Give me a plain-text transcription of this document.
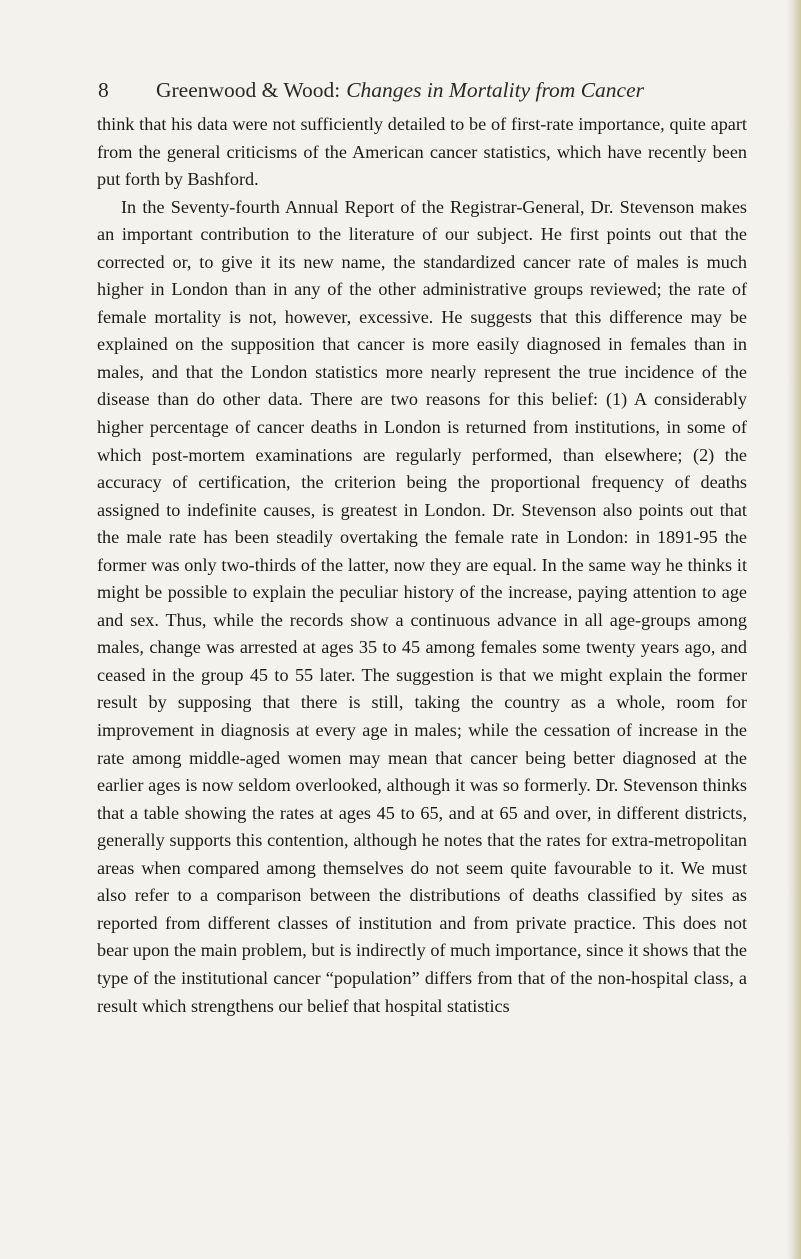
8 Greenwood & Wood: Changes in Mortality from Cancer

think that his data were not sufficiently detailed to be of first-rate importance, quite apart from the general criticisms of the American cancer statistics, which have recently been put forth by Bashford.

In the Seventy-fourth Annual Report of the Registrar-General, Dr. Stevenson makes an important contribution to the literature of our subject. He first points out that the corrected or, to give it its new name, the standardized cancer rate of males is much higher in London than in any of the other administrative groups reviewed; the rate of female mortality is not, however, excessive. He suggests that this difference may be explained on the supposition that cancer is more easily diagnosed in females than in males, and that the London statistics more nearly represent the true incidence of the disease than do other data. There are two reasons for this belief: (1) A considerably higher percentage of cancer deaths in London is returned from institutions, in some of which post-mortem examinations are regularly performed, than elsewhere; (2) the accuracy of certification, the criterion being the proportional frequency of deaths assigned to indefinite causes, is greatest in London. Dr. Stevenson also points out that the male rate has been steadily overtaking the female rate in London: in 1891-95 the former was only two-thirds of the latter, now they are equal. In the same way he thinks it might be possible to explain the peculiar history of the increase, paying attention to age and sex. Thus, while the records show a continuous advance in all age-groups among males, change was arrested at ages 35 to 45 among females some twenty years ago, and ceased in the group 45 to 55 later. The suggestion is that we might explain the former result by supposing that there is still, taking the country as a whole, room for improvement in diagnosis at every age in males; while the cessation of increase in the rate among middle-aged women may mean that cancer being better diagnosed at the earlier ages is now seldom overlooked, although it was so formerly. Dr. Stevenson thinks that a table showing the rates at ages 45 to 65, and at 65 and over, in different districts, generally supports this contention, although he notes that the rates for extra-metropolitan areas when compared among themselves do not seem quite favourable to it. We must also refer to a comparison between the distributions of deaths classified by sites as reported from different classes of institution and from private practice. This does not bear upon the main problem, but is indirectly of much importance, since it shows that the type of the institutional cancer “population” differs from that of the non-hospital class, a result which strengthens our belief that hospital statistics
